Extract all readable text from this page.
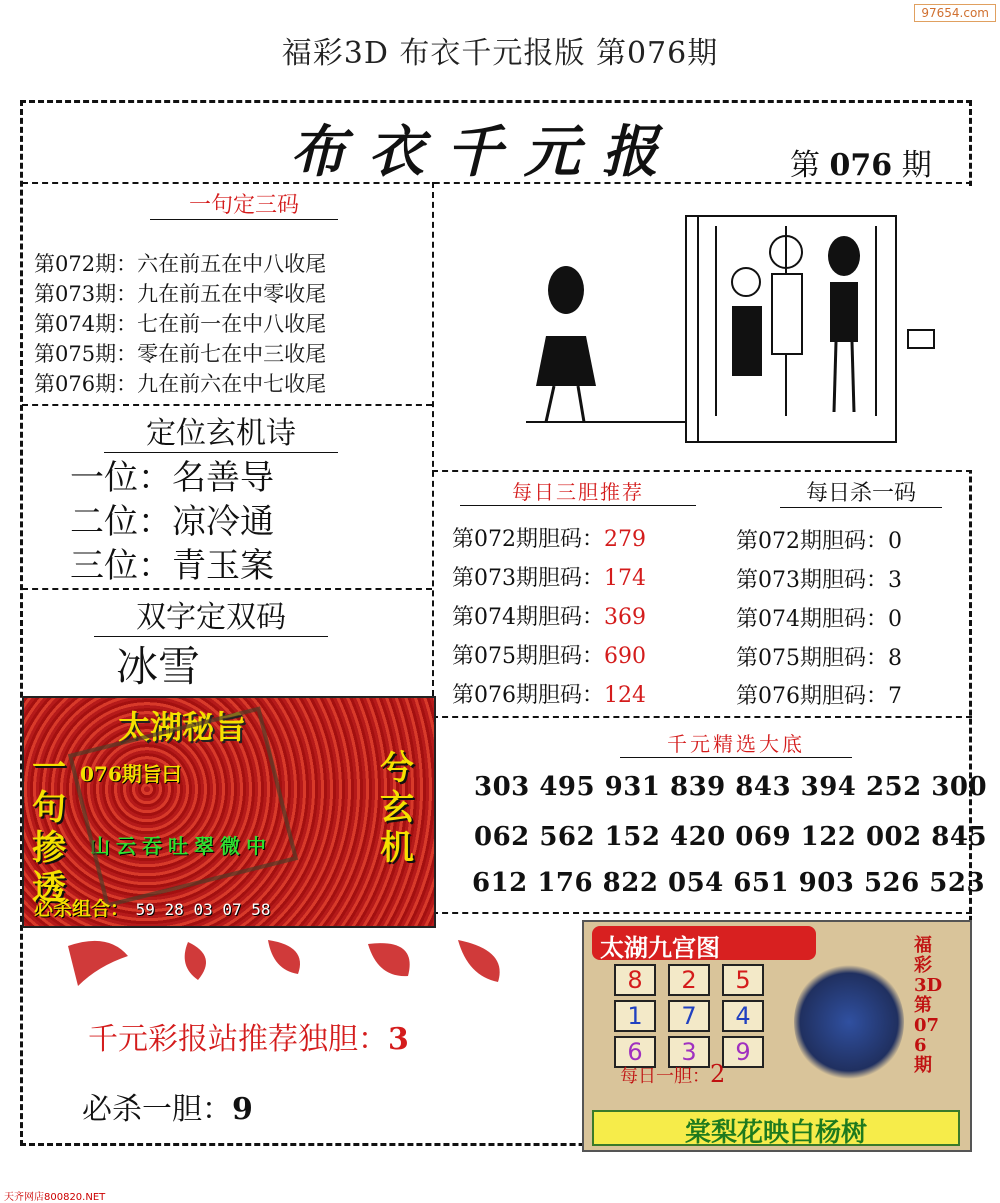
97654.com
福彩3D 布衣千元报版 第076期
布衣千元报	第 076 期
一句定三码
第072期：六在前五在中八收尾
第073期：九在前五在中零收尾
第074期：七在前一在中八收尾
第075期：零在前七在中三收尾
第076期：九在前六在中七收尾
定位玄机诗
一位：名善导
二位：凉冷通
三位：青玉案
双字定双码
冰雪
每日三胆推荐
第072期胆码：279
第073期胆码：174
第074期胆码：369
第075期胆码：690
第076期胆码：124
每日杀一码
第072期胆码：0
第073期胆码：3
第074期胆码：0
第075期胆码：8
第076期胆码：7
千元精选大底
303 495 931 839 843 394 252 300
062 562 152 420 069 122 002 845
612 176 822 054 651 903 526 523
太湖秘旨
076期旨曰
一句掺透
兮玄机
山云吞吐翠微中
必杀组合： 59 28 03 07 58
千元彩报站推荐独胆：3
必杀一胆：9
太湖九宫图
8	2	5
1	7	4
6	3	9
福彩3D第076期
每日一胆：2
棠梨花映白杨树
天齐网店800820.NET
